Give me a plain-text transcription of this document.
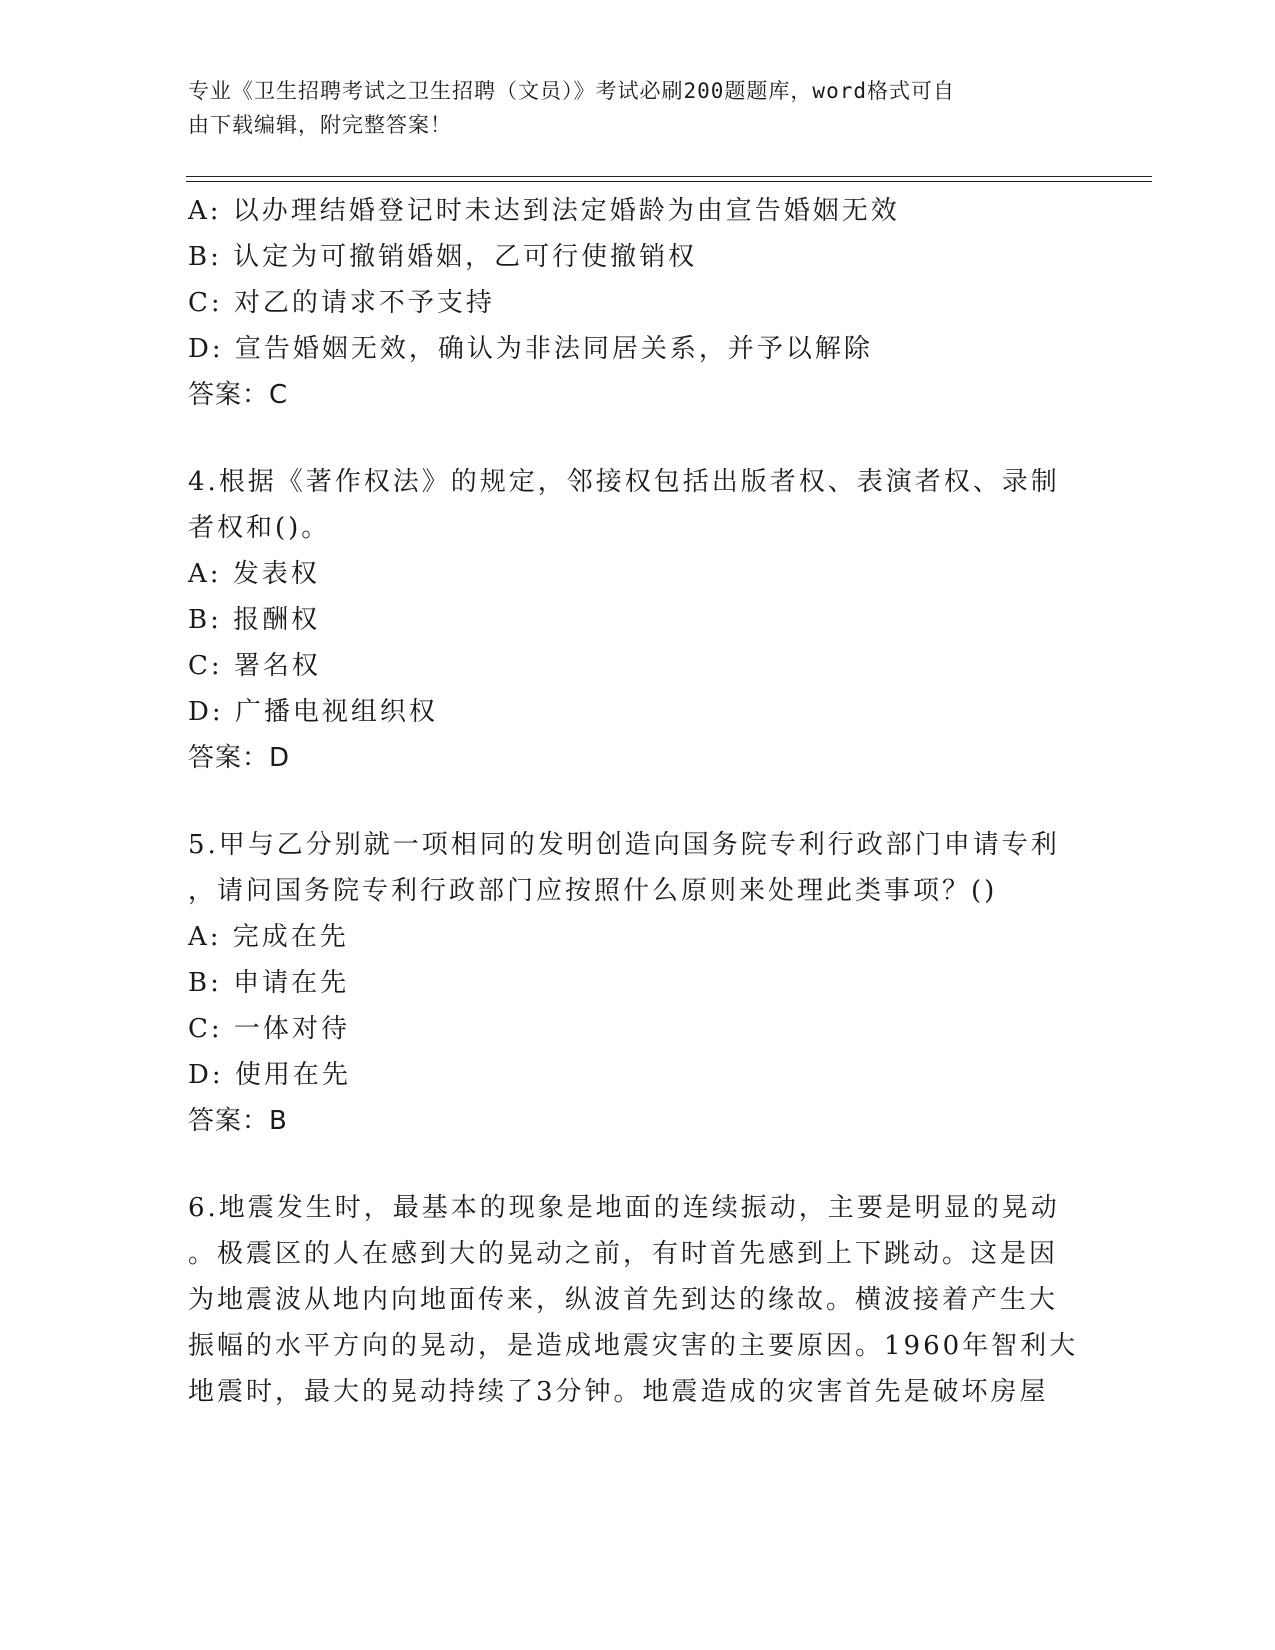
专业《卫生招聘考试之卫生招聘（文员）》考试必刷200题题库，word格式可自
由下载编辑，附完整答案！
A: 以办理结婚登记时未达到法定婚龄为由宣告婚姻无效
B: 认定为可撤销婚姻，乙可行使撤销权
C: 对乙的请求不予支持
D: 宣告婚姻无效，确认为非法同居关系，并予以解除
答案：C
4.根据《著作权法》的规定，邻接权包括出版者权、表演者权、录制
者权和()。
A: 发表权
B: 报酬权
C: 署名权
D: 广播电视组织权
答案：D
5.甲与乙分别就一项相同的发明创造向国务院专利行政部门申请专利
，请问国务院专利行政部门应按照什么原则来处理此类事项？()
A: 完成在先
B: 申请在先
C: 一体对待
D: 使用在先
答案：B
6.地震发生时，最基本的现象是地面的连续振动，主要是明显的晃动
。极震区的人在感到大的晃动之前，有时首先感到上下跳动。这是因
为地震波从地内向地面传来，纵波首先到达的缘故。横波接着产生大
振幅的水平方向的晃动，是造成地震灾害的主要原因。1960年智利大
地震时，最大的晃动持续了3分钟。地震造成的灾害首先是破坏房屋
